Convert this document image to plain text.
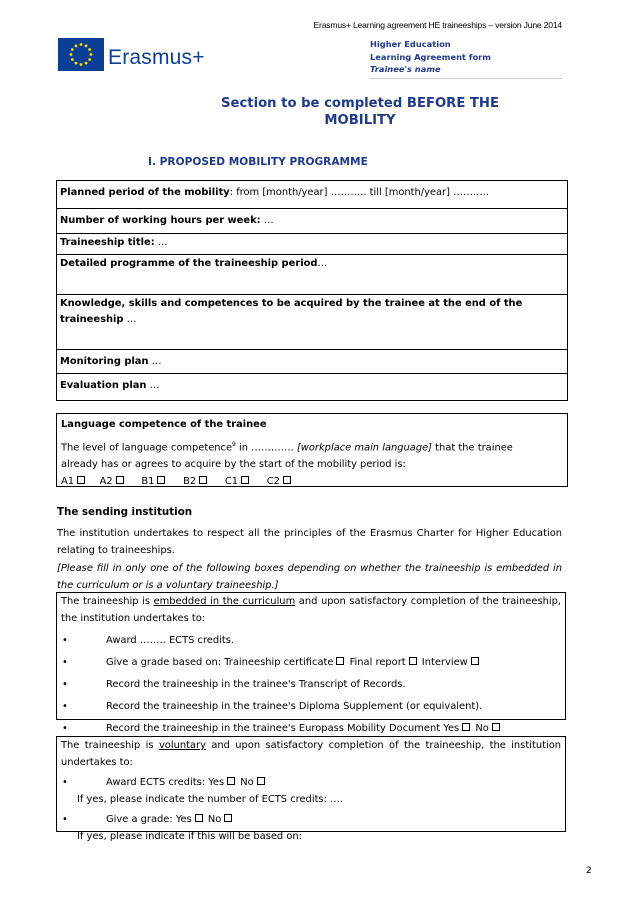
Erasmus+ Learning agreement HE traineeships – version June 2014
Erasmus+
Higher Education
Learning Agreement form
Trainee's name
Section to be completed BEFORE THE
MOBILITY
I. PROPOSED MOBILITY PROGRAMME
Planned period of the mobility: from [month/year] ……….. till [month/year] ………..
Number of working hours per week: …
Traineeship title: …
Detailed programme of the traineeship period…

Knowledge, skills and competences to be acquired by the trainee at the end of the
traineeship …
Monitoring plan …
Evaluation plan …
Language competence of the trainee
The level of language competence$^9$ in …………. [workplace main language] that the trainee
already has or agrees to acquire by the start of the mobility period is:
A1	A2	B1	B2	C1	C2
The sending institution
The institution undertakes to respect all the principles of the Erasmus Charter for Higher Education relating to traineeships.
[Please fill in only one of the following boxes depending on whether the traineeship is embedded in the curriculum or is a voluntary traineeship.]
The traineeship is embedded in the curriculum and upon satisfactory completion of the traineeship, the institution undertakes to:
•	Award …….. ECTS credits.
•	Give a grade based on: Traineeship certificate Final report Interview
•	Record the traineeship in the trainee's Transcript of Records.
•	Record the traineeship in the trainee's Diploma Supplement (or equivalent).
•	Record the traineeship in the trainee's Europass Mobility Document Yes No
The traineeship is voluntary and upon satisfactory completion of the traineeship, the institution undertakes to:
•	Award ECTS credits: Yes No
If yes, please indicate the number of ECTS credits: ….
•	Give a grade: Yes No
If yes, please indicate if this will be based on:
2
